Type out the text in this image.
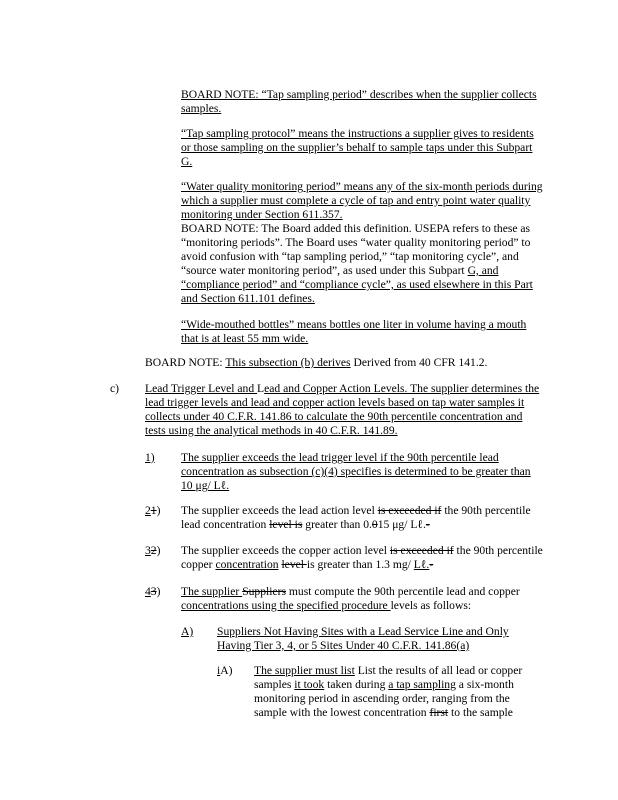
BOARD NOTE: “Tap sampling period” describes when the supplier collects samples.

“Tap sampling protocol” means the instructions a supplier gives to residents or those sampling on the supplier’s behalf to sample taps under this Subpart G.

“Water quality monitoring period” means any of the six-month periods during which a supplier must complete a cycle of tap and entry point water quality monitoring under Section 611.357.

BOARD NOTE: The Board added this definition. USEPA refers to these as “monitoring periods”. The Board uses “water quality monitoring period” to avoid confusion with “tap sampling period,” “tap monitoring cycle”, and “source water monitoring period”, as used under this Subpart G, and “compliance period” and “compliance cycle”, as used elsewhere in this Part and Section 611.101 defines.

“Wide-mouthed bottles” means bottles one liter in volume having a mouth that is at least 55 mm wide.

BOARD NOTE: This subsection (b) derives Derived from 40 CFR 141.2.

c) Lead Trigger Level and Lead and Copper Action Levels. The supplier determines the lead trigger levels and lead and copper action levels based on tap water samples it collects under 40 C.F.R. 141.86 to calculate the 90th percentile concentration and tests using the analytical methods in 40 C.F.R. 141.89.

1) The supplier exceeds the lead trigger level if the 90th percentile lead concentration as subsection (c)(4) specifies is determined to be greater than 10 μg/ Lℓ.

21) The supplier exceeds the lead action level is exceeded if the 90th percentile lead concentration level is greater than 0.015 μg/ Lℓ.-

32) The supplier exceeds the copper action level is exceeded if the 90th percentile copper concentration level is greater than 1.3 mg/ Lℓ.-

43) The supplier Suppliers must compute the 90th percentile lead and copper concentrations using the specified procedure levels as follows:

A) Suppliers Not Having Sites with a Lead Service Line and Only Having Tier 3, 4, or 5 Sites Under 40 C.F.R. 141.86(a)

iA) The supplier must list List the results of all lead or copper samples it took taken during a tap sampling a six-month monitoring period in ascending order, ranging from the sample with the lowest concentration first to the sample
